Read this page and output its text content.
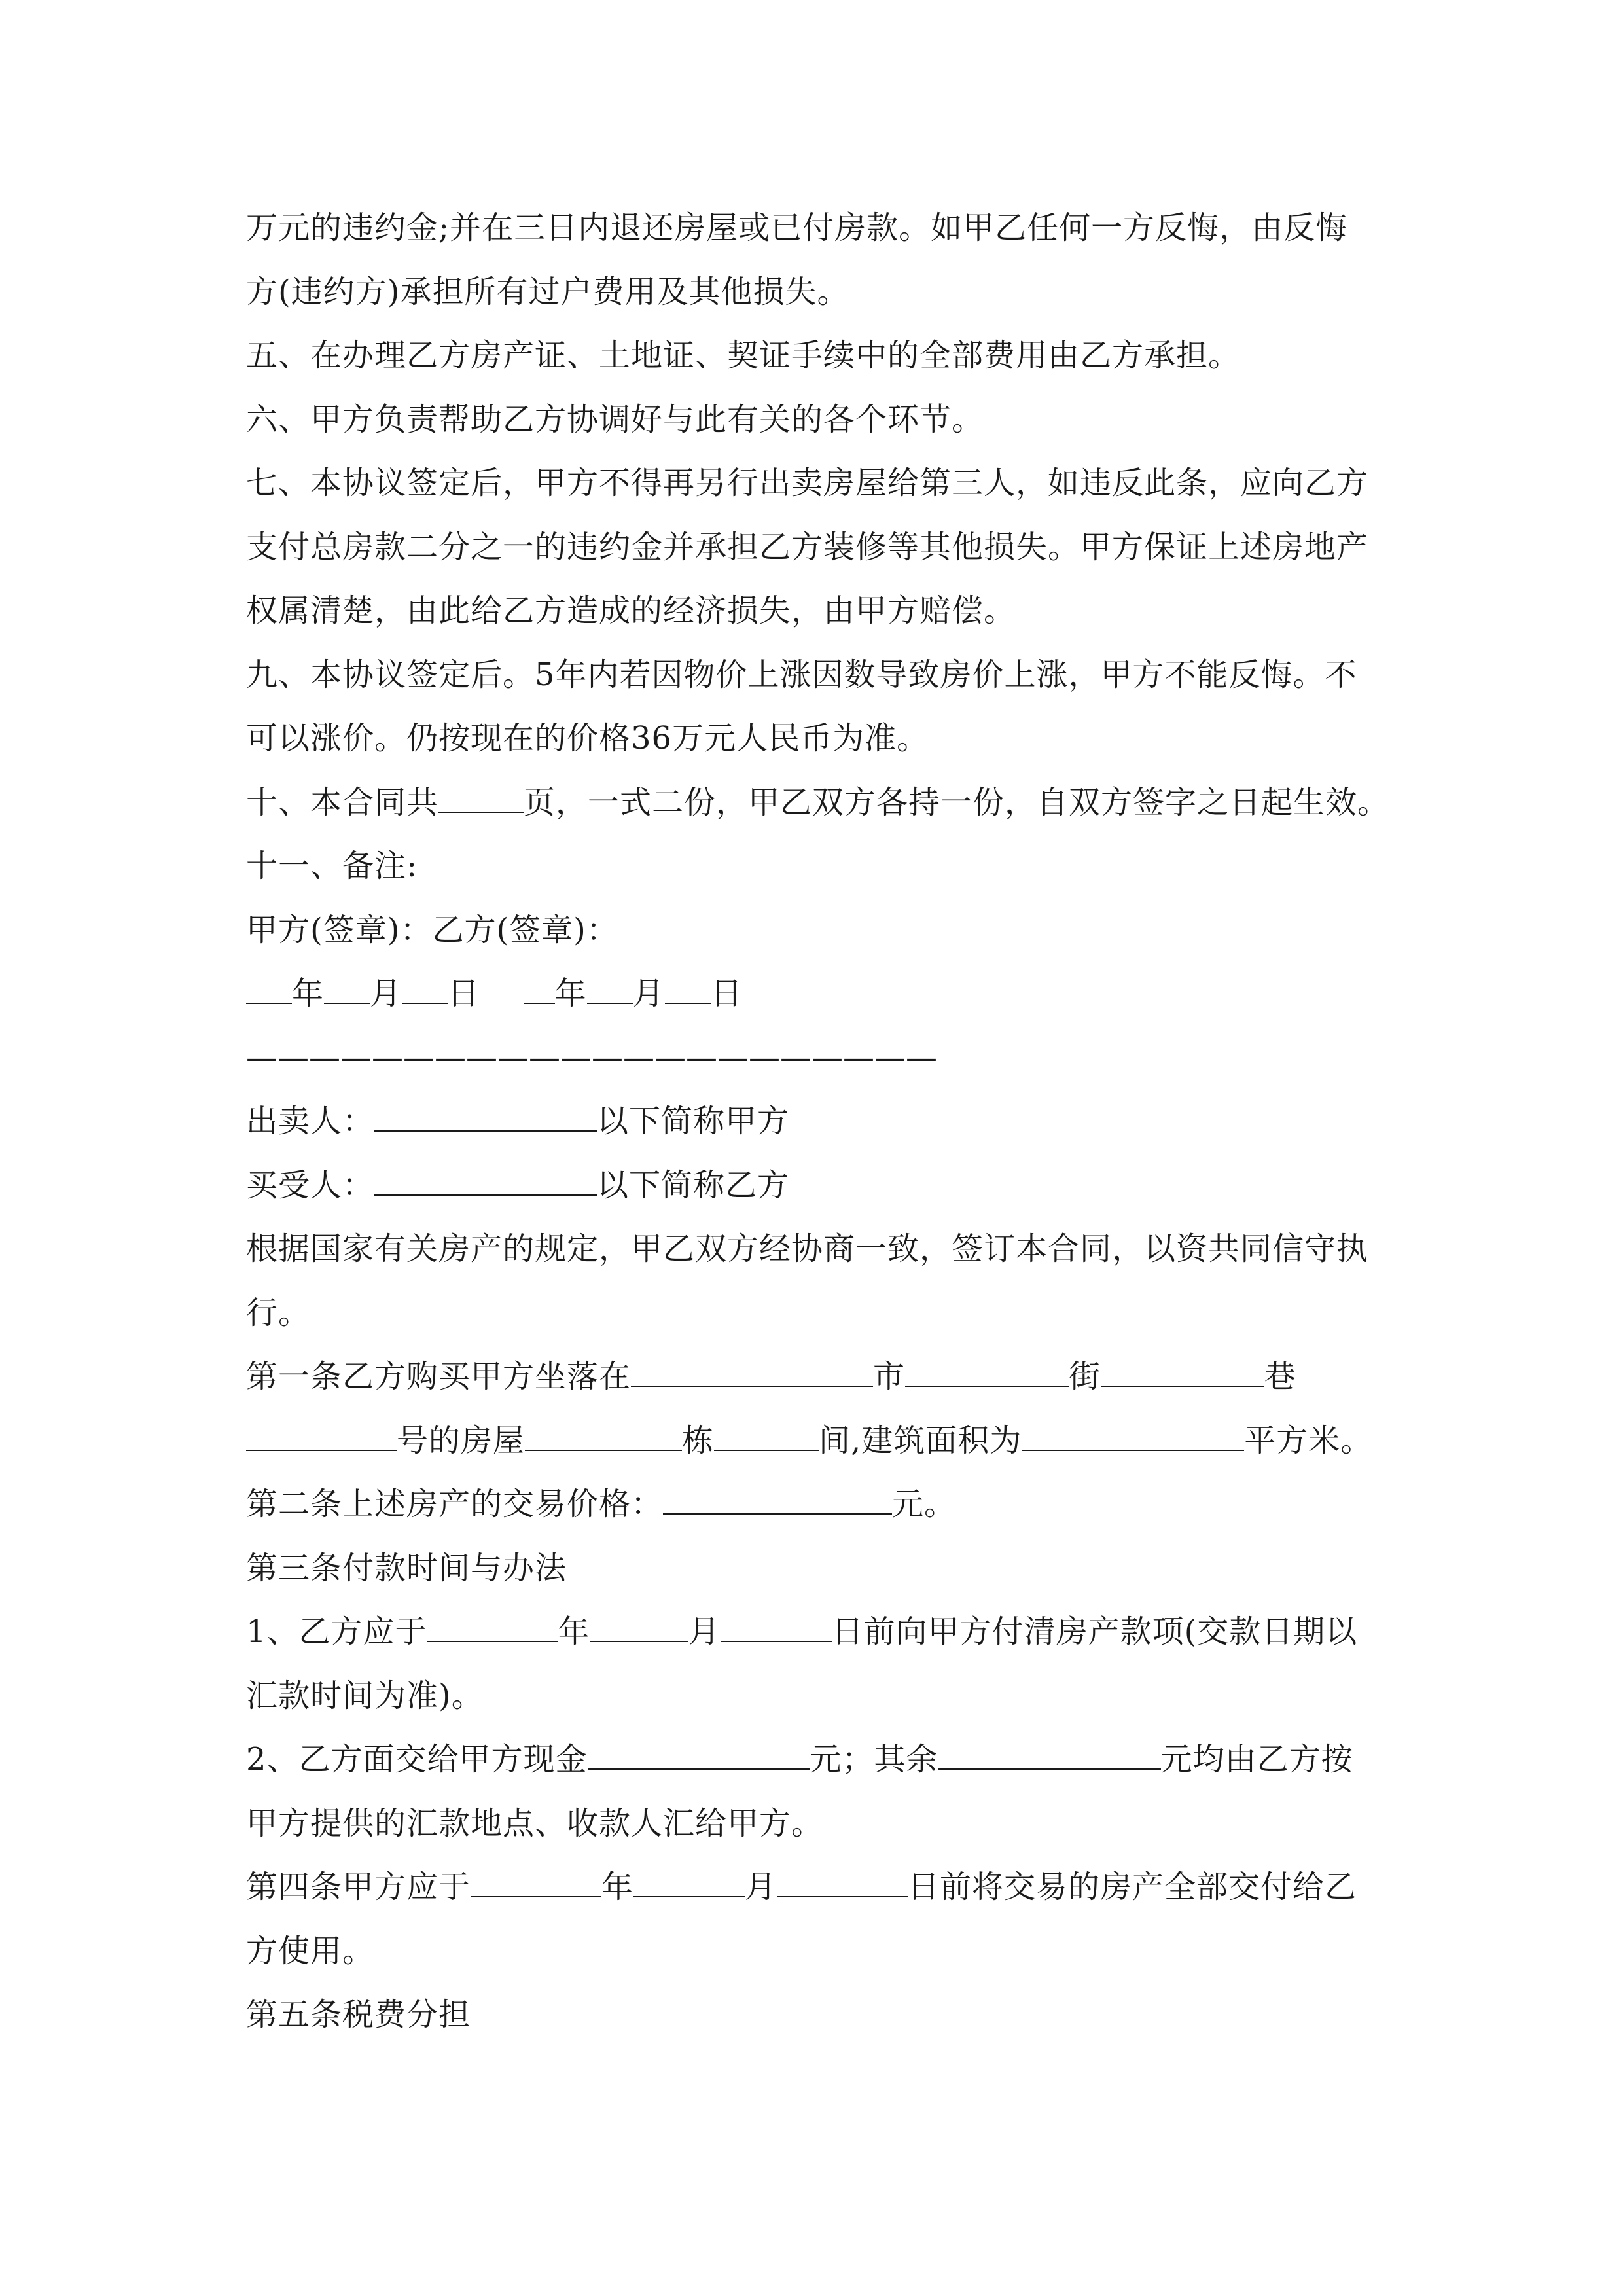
万元的违约金;并在三日内退还房屋或已付房款。如甲乙任何一方反悔，由反悔
方(违约方)承担所有过户费用及其他损失。
五、在办理乙方房产证、土地证、契证手续中的全部费用由乙方承担。
六、甲方负责帮助乙方协调好与此有关的各个环节。
七、本协议签定后，甲方不得再另行出卖房屋给第三人，如违反此条，应向乙方
支付总房款二分之一的违约金并承担乙方装修等其他损失。甲方保证上述房地产
权属清楚，由此给乙方造成的经济损失，由甲方赔偿。
九、本协议签定后。5年内若因物价上涨因数导致房价上涨，甲方不能反悔。不
可以涨价。仍按现在的价格36万元人民币为准。
十、本合同共	页，一式二份，甲乙双方各持一份，自双方签字之日起生效。
十一、备注:
甲方(签章)：乙方(签章)：
年 月 日 年 月 日
——————————————————————
出卖人：	以下简称甲方
买受人：	以下简称乙方
根据国家有关房产的规定，甲乙双方经协商一致，签订本合同，以资共同信守执
行。
第一条乙方购买甲方坐落在	市	街	巷
号的房屋	栋	间,建筑面积为	平方米。
第二条上述房产的交易价格：	元。
第三条付款时间与办法
1、乙方应于	年	月	日前向甲方付清房产款项(交款日期以
汇款时间为准)。
2、乙方面交给甲方现金	元；其余	元均由乙方按
甲方提供的汇款地点、收款人汇给甲方。
第四条甲方应于	年	月	日前将交易的房产全部交付给乙
方使用。
第五条税费分担
